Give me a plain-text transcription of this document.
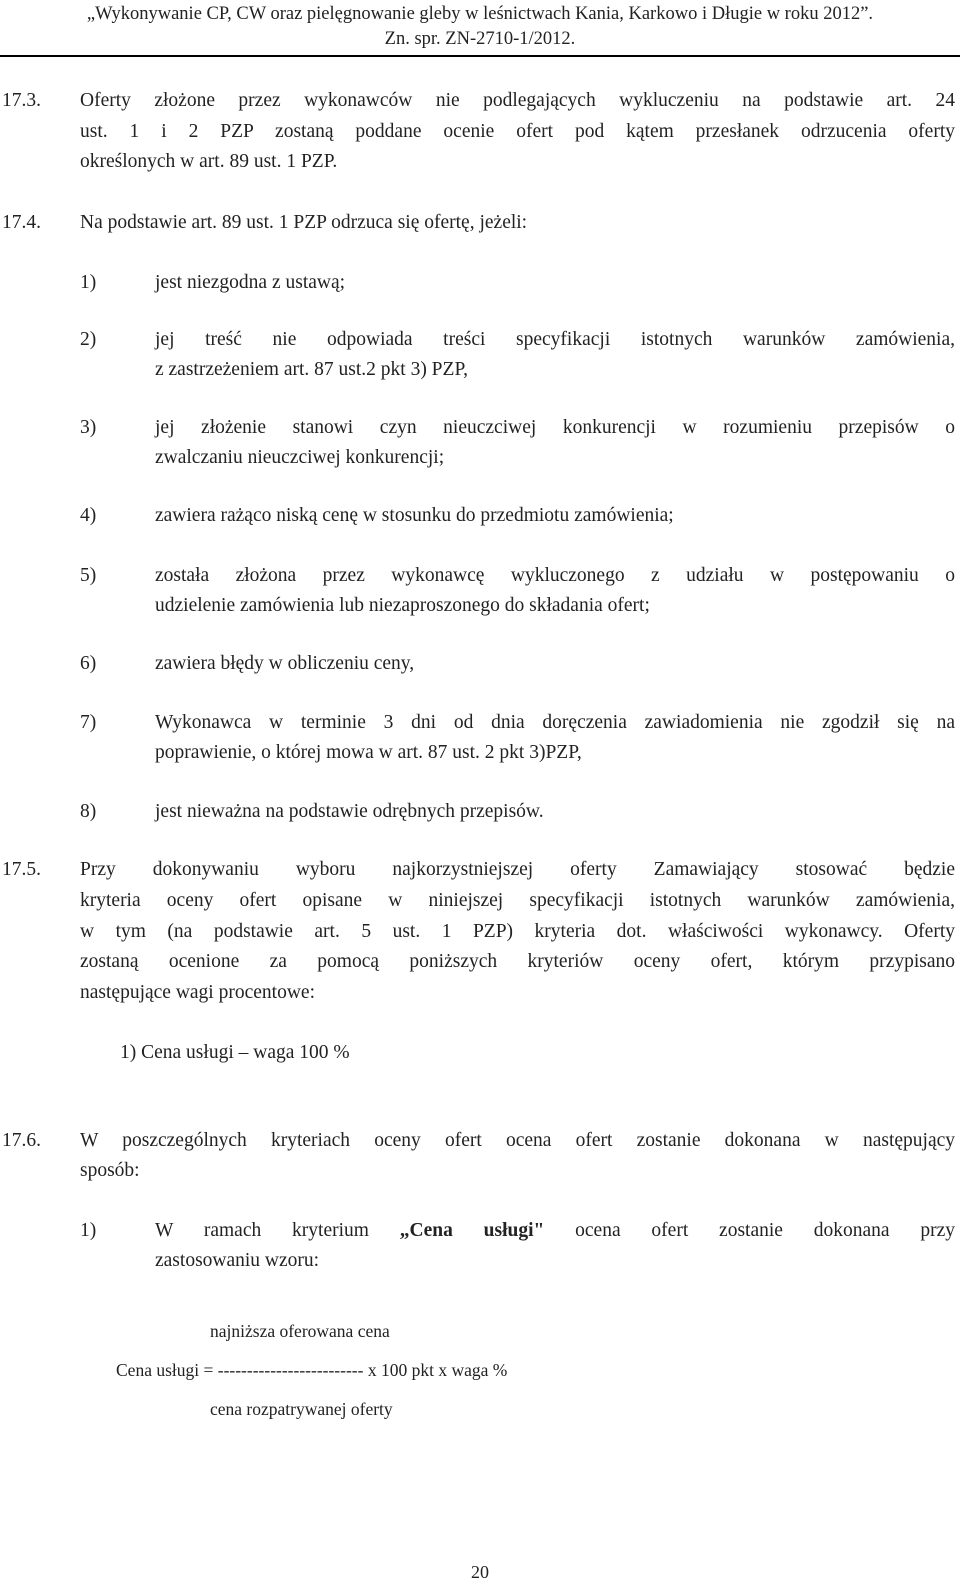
„Wykonywanie CP, CW oraz pielęgnowanie gleby w leśnictwach Kania, Karkowo i Długie w roku 2012”.
Zn. spr. ZN-2710-1/2012.
17.3. Oferty złożone przez wykonawców nie podlegających wykluczeniu na podstawie art. 24
ust. 1 i 2 PZP zostaną poddane ocenie ofert pod kątem przesłanek odrzucenia oferty
określonych w art. 89 ust. 1 PZP.
17.4. Na podstawie art. 89 ust. 1 PZP odrzuca się ofertę, jeżeli:
1)	jest niezgodna z ustawą;
2)	jej treść nie odpowiada treści specyfikacji istotnych warunków zamówienia,
z zastrzeżeniem art. 87 ust.2 pkt 3) PZP,
3)	jej złożenie stanowi czyn nieuczciwej konkurencji w rozumieniu przepisów o
zwalczaniu nieuczciwej konkurencji;
4)	zawiera rażąco niską cenę w stosunku do przedmiotu zamówienia;
5)	została złożona przez wykonawcę wykluczonego z udziału w postępowaniu o
udzielenie zamówienia lub niezaproszonego do składania ofert;
6)	zawiera błędy w obliczeniu ceny,
7)	Wykonawca w terminie 3 dni od dnia doręczenia zawiadomienia nie zgodził się na
poprawienie, o której mowa w art. 87 ust. 2 pkt 3)PZP,
8)	jest nieważna na podstawie odrębnych przepisów.
17.5. Przy dokonywaniu wyboru najkorzystniejszej oferty Zamawiający stosować będzie
kryteria oceny ofert opisane w niniejszej specyfikacji istotnych warunków zamówienia,
w tym (na podstawie art. 5 ust. 1 PZP) kryteria dot. właściwości wykonawcy. Oferty
zostaną ocenione za pomocą poniższych kryteriów oceny ofert, którym przypisano
następujące wagi procentowe:
1) Cena usługi – waga 100 %
17.6. W poszczególnych kryteriach oceny ofert ocena ofert zostanie dokonana w następujący
sposób:
1)	W ramach kryterium „Cena usługi" ocena ofert zostanie dokonana przy
zastosowaniu wzoru:
najniższa oferowana cena
Cena usługi = ------------------------- x 100 pkt x waga %
cena rozpatrywanej oferty
20
